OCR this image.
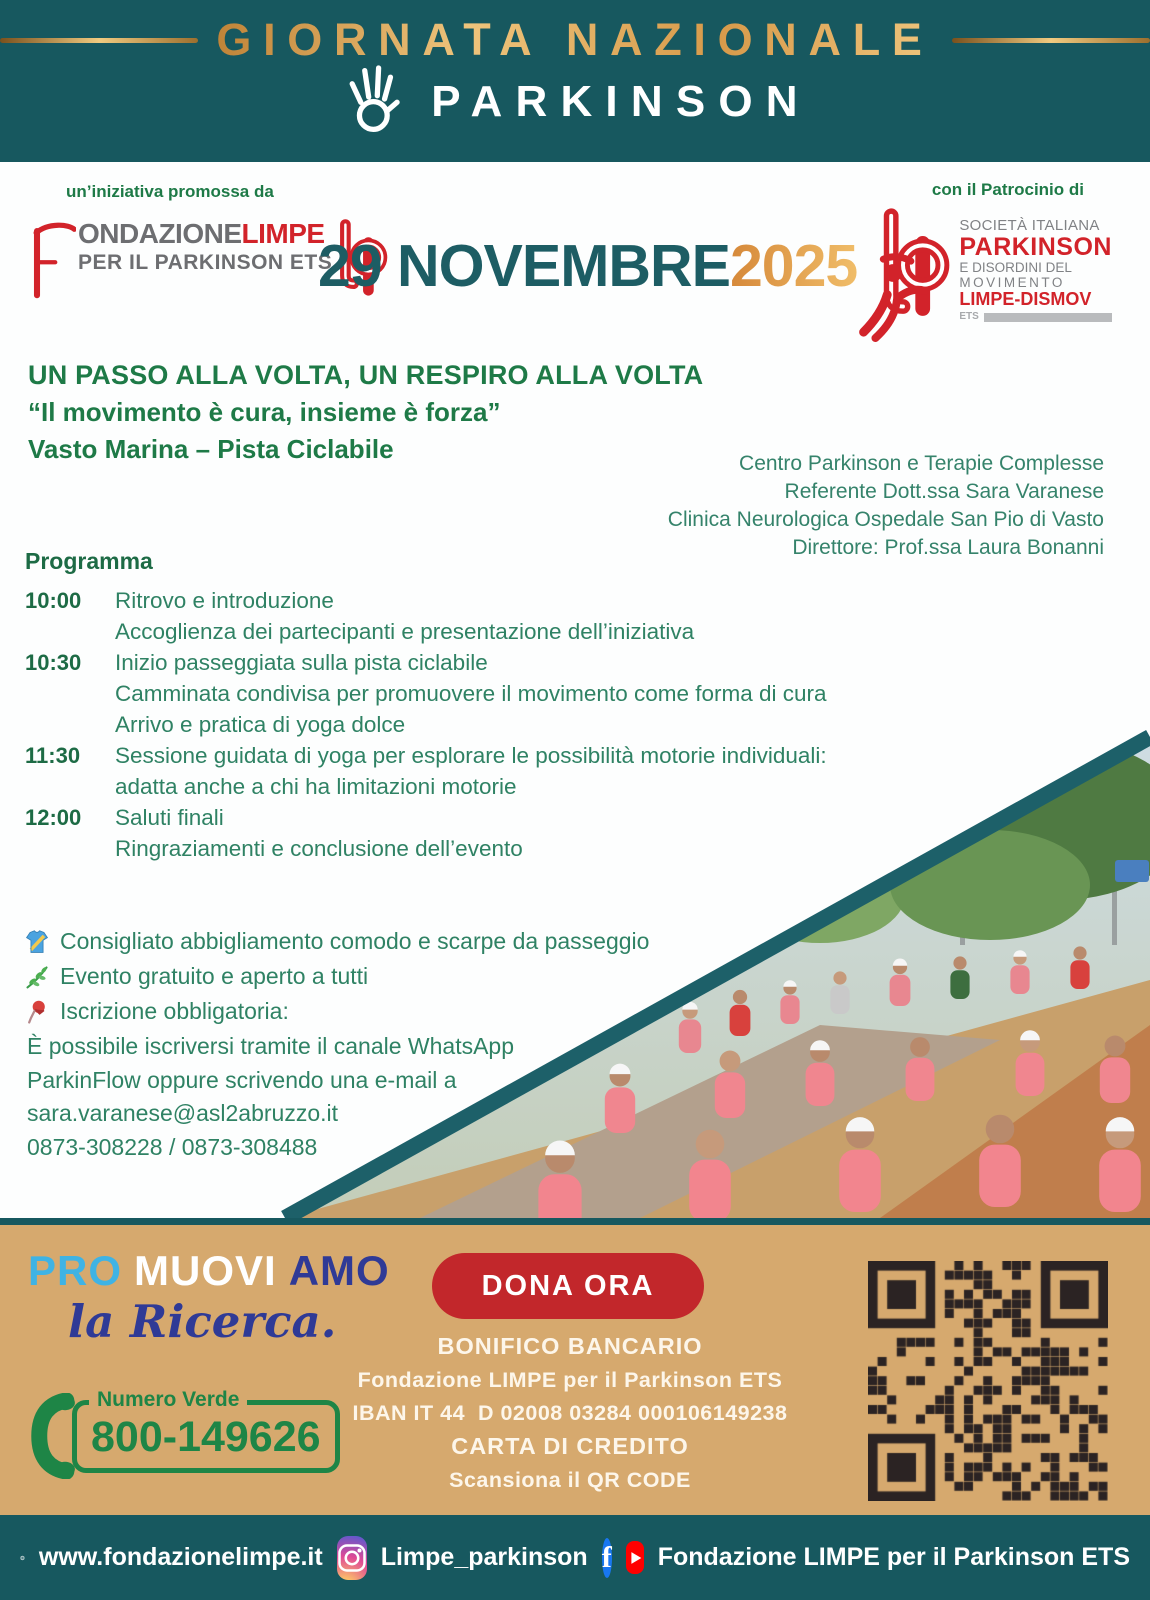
GIORNATA NAZIONALE
PARKINSON
un’iniziativa promossa da
ONDAZIONELIMPE
PER IL PARKINSON ETS
29 NOVEMBRE2025
con il Patrocinio di
SOCIETÀ ITALIANA
PARKINSON
E DISORDINI DEL
MOVIMENTO
LIMPE-DISMOV
ETS
UN PASSO ALLA VOLTA, UN RESPIRO ALLA VOLTA
“Il movimento è cura, insieme è forza”
Vasto Marina – Pista Ciclabile	Centro Parkinson e Terapie Complesse
Referente Dott.ssa Sara Varanese
Clinica Neurologica Ospedale San Pio di Vasto
Direttore: Prof.ssa Laura Bonanni
Programma
10:00	Ritrovo e introduzione
Accoglienza dei partecipanti e presentazione dell’iniziativa
10:30	Inizio passeggiata sulla pista ciclabile
Camminata condivisa per promuovere il movimento come forma di cura
Arrivo e pratica di yoga dolce
11:30	Sessione guidata di yoga per esplorare le possibilità motorie individuali:
adatta anche a chi ha limitazioni motorie
12:00	Saluti finali
Ringraziamenti e conclusione dell’evento
Consigliato abbigliamento comodo e scarpe da passeggio
Evento gratuito e aperto a tutti
Iscrizione obbligatoria:
È possibile iscriversi tramite il canale WhatsApp
ParkinFlow oppure scrivendo una e-mail a
sara.varanese@asl2abruzzo.it
0873-308228 / 0873-308488
PRO MUOVI AMO
la Ricerca.
DONA ORA
BONIFICO BANCARIO
Fondazione LIMPE per il Parkinson ETS
IBAN IT 44  D 02008 03284 000106149238
CARTA DI CREDITO
Scansiona il QR CODE
Numero Verde
800-149626
www.fondazionelimpe.it Limpe_parkinson f Fondazione LIMPE per il Parkinson ETS
